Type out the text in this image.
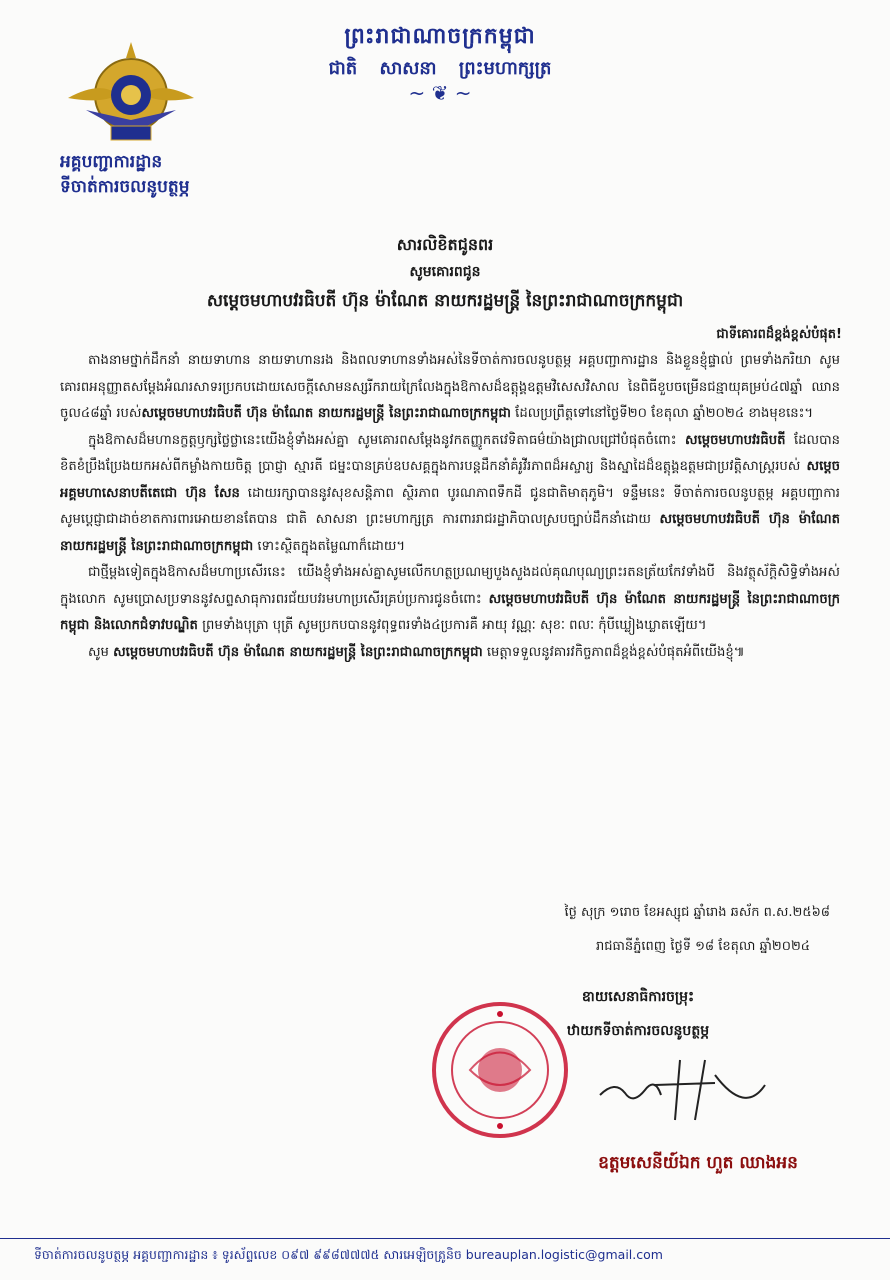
ព្រះរាជាណាចក្រកម្ពុជា
ជាតិ សាសនា ព្រះមហាក្សត្រ
~ ❦ ~
អគ្គបញ្ជាការដ្ឋាន
ទីចាត់ការចលនូបត្ថម្ភ
សារលិខិតជូនពរ
សូមគោរពជូន
សម្តេចមហាបវរធិបតី ហ៊ុន ម៉ាណែត នាយករដ្ឋមន្ត្រី នៃព្រះរាជាណាចក្រកម្ពុជា
ជាទីគោរពដ៏ខ្ពង់ខ្ពស់បំផុត!

តាងនាមថ្នាក់ដឹកនាំ នាយទាហាន នាយទាហានរង និងពលទាហានទាំងអស់នៃទីចាត់ការចលនូបត្ថម្ភ អគ្គបញ្ជាការដ្ឋាន និងខ្លួនខ្ញុំផ្ទាល់ ព្រមទាំងភរិយា សូមគោរពអនុញ្ញាតសម្តែងអំណរសាទរប្រកបដោយសេចក្តីសោមនស្សរីករាយក្រៃលែងក្នុងឱកាសដ៏ឧត្តុង្គឧត្តមវិសេសវិសាល នៃពិធីខួបចម្រើនជន្មាយុគម្រប់៤៧ឆ្នាំ ឈានចូល៤៨ឆ្នាំ របស់សម្តេចមហាបវរធិបតី ហ៊ុន ម៉ាណែត នាយករដ្ឋមន្ត្រី នៃព្រះរាជាណាចក្រកម្ពុជា ដែលប្រព្រឹត្តទៅនៅថ្ងៃទី២០ ខែតុលា ឆ្នាំ២០២៤ ខាងមុខនេះ។

ក្នុងឱកាសដ៏មហានក្ខត្តឫក្សថ្លៃថ្លានេះយើងខ្ញុំទាំងអស់គ្នា សូមគោរពសម្តែងនូវកតញ្ញូកតវេទិតាធម៌យ៉ាងជ្រាលជ្រៅបំផុតចំពោះ សម្តេចមហាបវរធិបតី ដែលបានខិតខំប្រឹងប្រែងយកអស់ពីកម្លាំងកាយចិត្ត ប្រាជ្ញា ស្មារតី ជម្នះបានគ្រប់ឧបសគ្គក្នុងការបន្តដឹកនាំគំរូវីរភាពដ៏អស្ចារ្យ និងស្នាដៃដ៏ឧត្តុង្គឧត្តមជាប្រវត្តិសាស្ត្ររបស់ សម្តេចអគ្គមហាសេនាបតីតេជោ ហ៊ុន សែន ដោយរក្សាបាននូវសុខសន្តិភាព ស្ថិរភាព បូរណភាពទឹកដី ជូនជាតិមាតុភូមិ។ ទន្ទឹមនេះ ទីចាត់ការចលនូបត្ថម្ភ អគ្គបញ្ជាការ សូមប្តេជ្ញាជាដាច់ខាតការពារអោយខានតែបាន ជាតិ សាសនា ព្រះមហាក្សត្រ ការពាររាជរដ្ឋាភិបាលស្របច្បាប់ដឹកនាំដោយ សម្តេចមហាបវរធិបតី ហ៊ុន ម៉ាណែត នាយករដ្ឋមន្ត្រី នៃព្រះរាជាណាចក្រកម្ពុជា ទោះស្ថិតក្នុងតម្លៃណាក៏ដោយ។

ជាថ្មីម្តងទៀតក្នុងឱកាសដ៏មហាប្រសើរនេះ យើងខ្ញុំទាំងអស់គ្នាសូមលើកហត្ថប្រណម្យបួងសួងដល់គុណបុណ្យព្រះរតនត្រ័យកែវទាំងបី និងវត្ថុស័ក្តិសិទ្ធិទាំងអស់ក្នុងលោក សូមប្រោសប្រទាននូវសព្ទសាធុការពរជ័យបវរមហាប្រសើរគ្រប់ប្រការជូនចំពោះ សម្តេចមហាបវរធិបតី ហ៊ុន ម៉ាណែត នាយករដ្ឋមន្ត្រី នៃព្រះរាជាណាចក្រកម្ពុជា និងលោកជំទាវបណ្ឌិត ព្រមទាំងបុត្រា បុត្រី សូមប្រកបបាននូវពុទ្ធពរទាំង៤ប្រការគឺ អាយុ វណ្ណៈ សុខៈ ពលៈ កុំបីឃ្លៀងឃ្លាតឡើយ។

សូម សម្តេចមហាបវរធិបតី ហ៊ុន ម៉ាណែត នាយករដ្ឋមន្ត្រី នៃព្រះរាជាណាចក្រកម្ពុជា មេត្តាទទួលនូវគារវកិច្ចភាពដ៏ខ្ពង់ខ្ពស់បំផុតអំពីយើងខ្ញុំ៕

ថ្ងៃ សុក្រ ១រោច ខែអស្សុជ ឆ្នាំរោង ឆស័ក ព.ស.២៥៦៨
រាជធានីភ្នំពេញ ថ្ងៃទី ១៨ ខែតុលា ឆ្នាំ២០២៤
ឧាយសេនាធិការចម្រុះ
ឋាយកទីចាត់ការចលនូបត្ថម្ភ
ឧត្តមសេនីយ៍ឯក ហួត ឈាងអន
ទីចាត់ការចលនូបត្ថម្ភ អគ្គបញ្ជាការដ្ឋាន ៖ ទូរស័ព្ទលេខ ០៩៧ ៩៩៨៧៧៧៥ សារអេឡិចត្រូនិច bureauplan.logistic@gmail.com
